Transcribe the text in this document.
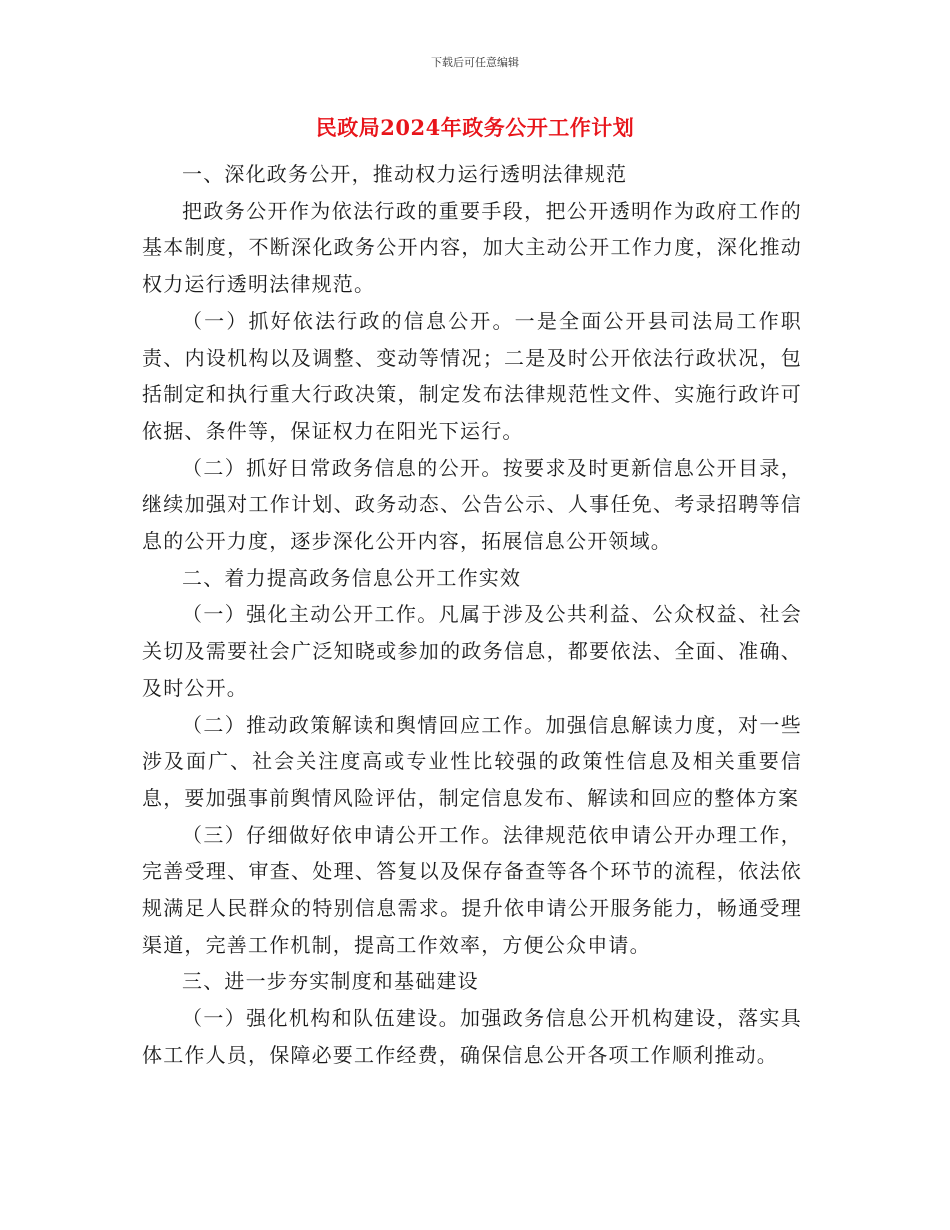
下载后可任意编辑
民政局2024年政务公开工作计划

一、深化政务公开，推动权力运行透明法律规范

把政务公开作为依法行政的重要手段，把公开透明作为政府工作的基本制度，不断深化政务公开内容，加大主动公开工作力度，深化推动权力运行透明法律规范。

（一）抓好依法行政的信息公开。一是全面公开县司法局工作职责、内设机构以及调整、变动等情况；二是及时公开依法行政状况，包括制定和执行重大行政决策，制定发布法律规范性文件、实施行政许可依据、条件等，保证权力在阳光下运行。

（二）抓好日常政务信息的公开。按要求及时更新信息公开目录，继续加强对工作计划、政务动态、公告公示、人事任免、考录招聘等信息的公开力度，逐步深化公开内容，拓展信息公开领域。

二、着力提高政务信息公开工作实效

（一）强化主动公开工作。凡属于涉及公共利益、公众权益、社会关切及需要社会广泛知晓或参加的政务信息，都要依法、全面、准确、及时公开。

（二）推动政策解读和舆情回应工作。加强信息解读力度，对一些涉及面广、社会关注度高或专业性比较强的政策性信息及相关重要信息，要加强事前舆情风险评估，制定信息发布、解读和回应的整体方案

（三）仔细做好依申请公开工作。法律规范依申请公开办理工作，完善受理、审查、处理、答复以及保存备查等各个环节的流程，依法依规满足人民群众的特别信息需求。提升依申请公开服务能力，畅通受理渠道，完善工作机制，提高工作效率，方便公众申请。

三、进一步夯实制度和基础建设

（一）强化机构和队伍建设。加强政务信息公开机构建设，落实具体工作人员，保障必要工作经费，确保信息公开各项工作顺利推动。
